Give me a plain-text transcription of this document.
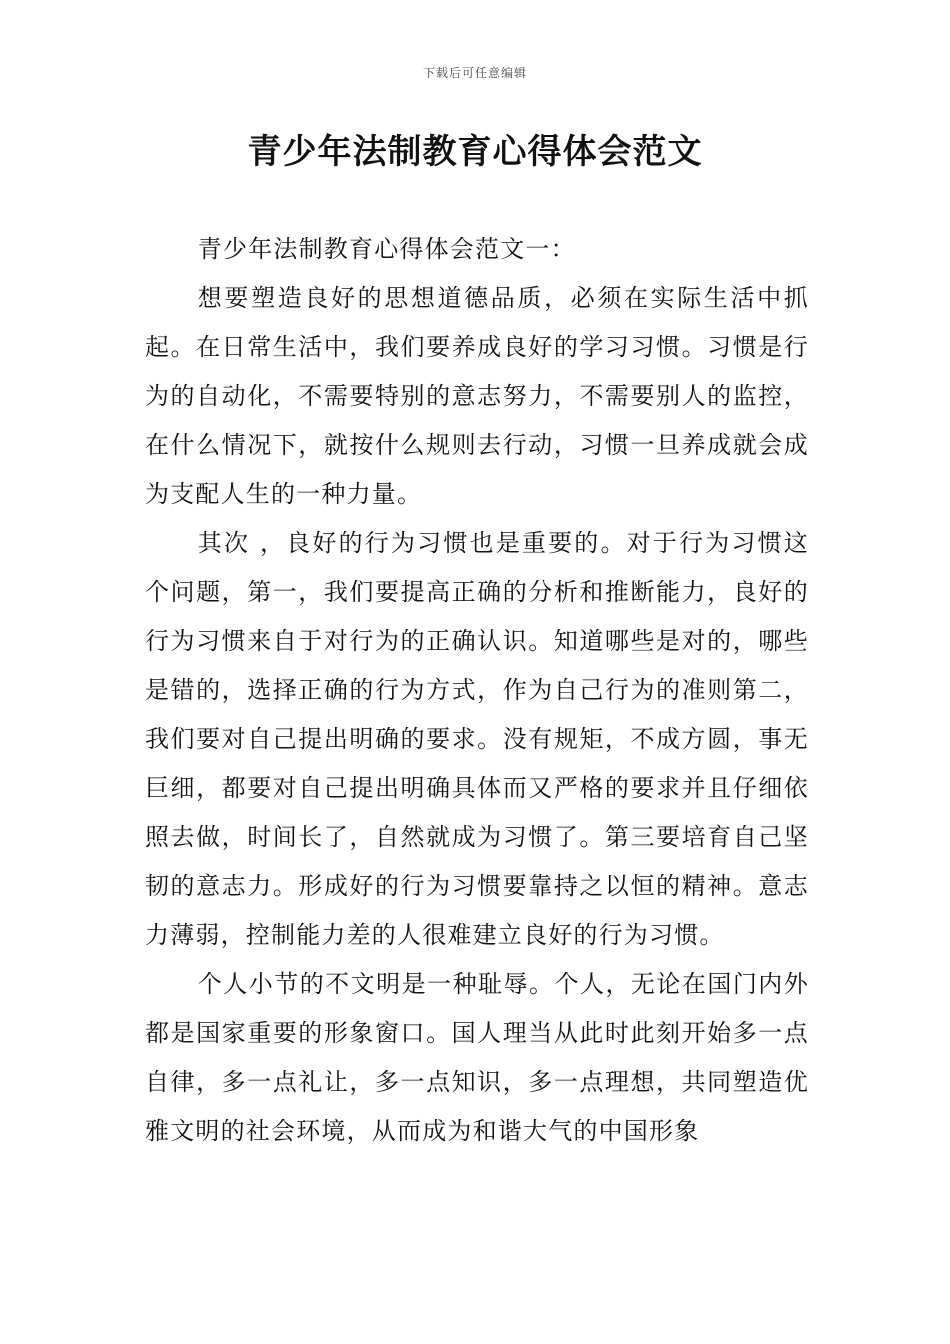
下载后可任意编辑
青少年法制教育心得体会范文

青少年法制教育心得体会范文一：

想要塑造良好的思想道德品质，必须在实际生活中抓起。在日常生活中，我们要养成良好的学习习惯。习惯是行为的自动化，不需要特别的意志努力，不需要别人的监控，在什么情况下，就按什么规则去行动，习惯一旦养成就会成为支配人生的一种力量。

其次 ，良好的行为习惯也是重要的。对于行为习惯这个问题，第一，我们要提高正确的分析和推断能力，良好的行为习惯来自于对行为的正确认识。知道哪些是对的，哪些是错的，选择正确的行为方式，作为自己行为的准则第二，我们要对自己提出明确的要求。没有规矩，不成方圆，事无巨细，都要对自己提出明确具体而又严格的要求并且仔细依照去做，时间长了，自然就成为习惯了。第三要培育自己坚韧的意志力。形成好的行为习惯要靠持之以恒的精神。意志力薄弱，控制能力差的人很难建立良好的行为习惯。

个人小节的不文明是一种耻辱。个人，无论在国门内外都是国家重要的形象窗口。国人理当从此时此刻开始多一点自律，多一点礼让，多一点知识，多一点理想，共同塑造优雅文明的社会环境，从而成为和谐大气的中国形象
